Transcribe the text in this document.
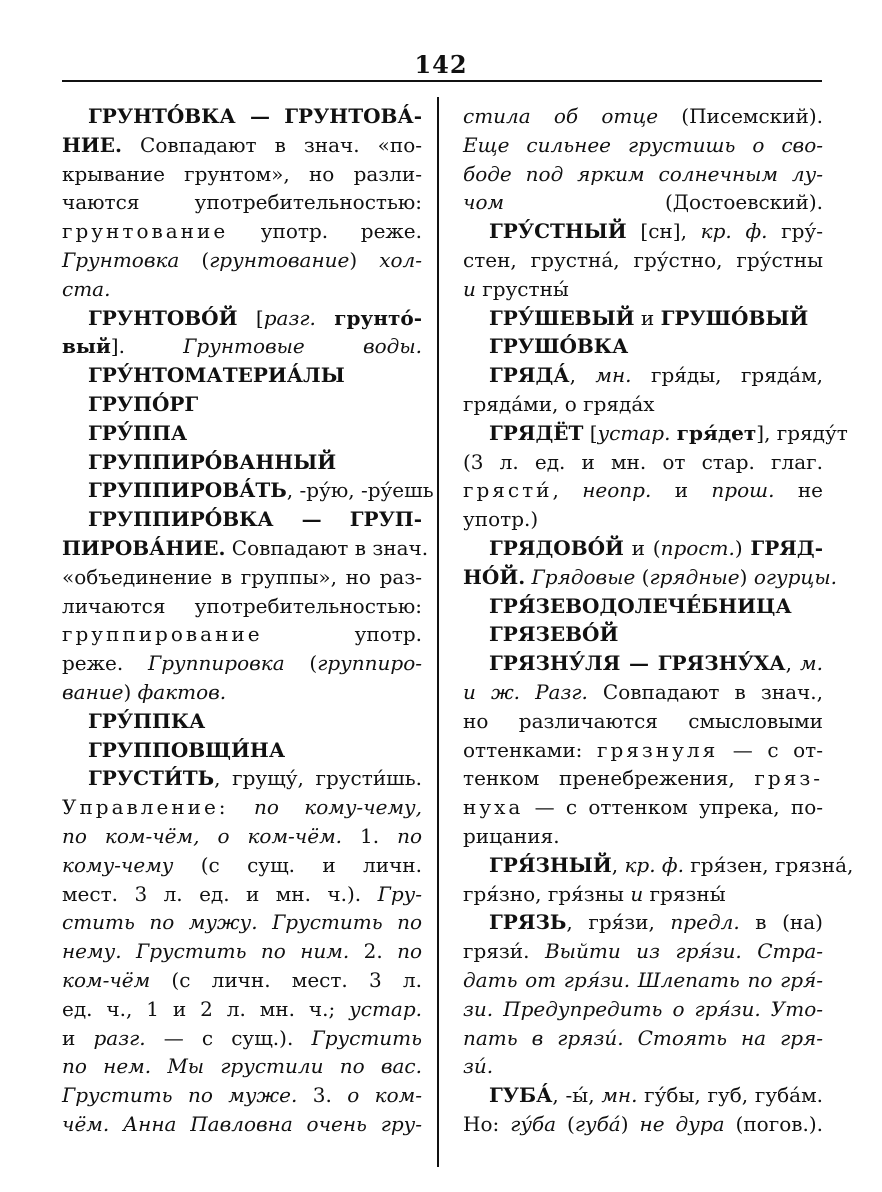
142
ГРУНТО́ВКА — ГРУНТОВА́-
НИЕ. Совпадают в знач. «по-
крывание грунтом», но разли-
чаются употребительностью:
грунтование употр. реже.
Грунтовка (грунтование) хол-
ста.
ГРУНТОВО́Й [разг. грунто́-
вый]. Грунтовые воды.
ГРУ́НТОМАТЕРИА́ЛЫ
ГРУПО́РГ
ГРУ́ППА
ГРУППИРО́ВАННЫЙ
ГРУППИРОВА́ТЬ, -ру́ю, -ру́ешь
ГРУППИРО́ВКА — ГРУП-
ПИРОВА́НИЕ. Совпадают в знач.
«объединение в группы», но раз-
личаются употребительностью:
группирование употр.
реже. Группировка (группиро-
вание) фактов.
ГРУ́ППКА
ГРУППОВЩИ́НА
ГРУСТИ́ТЬ, грущу́, грусти́шь.
Управление: по кому-чему,
по ком-чём, о ком-чём. 1. по
кому-чему (с сущ. и личн.
мест. 3 л. ед. и мн. ч.). Гру-
стить по мужу. Грустить по
нему. Грустить по ним. 2. по
ком-чём (с личн. мест. 3 л.
ед. ч., 1 и 2 л. мн. ч.; устар.
и разг. — с сущ.). Грустить
по нем. Мы грустили по вас.
Грустить по муже. 3. о ком-
чём. Анна Павловна очень гру-
стила об отце (Писемский).
Еще сильнее грустишь о сво-
боде под ярким солнечным лу-
чом (Достоевский).
ГРУ́СТНЫЙ [сн], кр. ф. гру́-
стен, грустна́, гру́стно, гру́стны
и грустны́
ГРУ́ШЕВЫЙ и ГРУШО́ВЫЙ
ГРУШО́ВКА
ГРЯДА́, мн. гря́ды, гряда́м,
гряда́ми, о гряда́х
ГРЯДЁТ [устар. гря́дет], гряду́т
(3 л. ед. и мн. от стар. глаг.
грясти́, неопр. и прош. не
употр.)
ГРЯДОВО́Й и (прост.) ГРЯД-
НО́Й. Грядовые (грядные) огурцы.
ГРЯ́ЗЕВОДОЛЕЧЕ́БНИЦА
ГРЯЗЕВО́Й
ГРЯЗНУ́ЛЯ — ГРЯЗНУ́ХА, м.
и ж. Разг. Совпадают в знач.,
но различаются смысловыми
оттенками: грязнуля — с от-
тенком пренебрежения, гряз-
нуха — с оттенком упрека, по-
рицания.
ГРЯ́ЗНЫЙ, кр. ф. гря́зен, грязна́,
гря́зно, гря́зны и грязны́
ГРЯЗЬ, гря́зи, предл. в (на)
грязи́. Выйти из гря́зи. Стра-
дать от гря́зи. Шлепать по гря́-
зи. Предупредить о гря́зи. Уто-
пать в грязи́. Стоять на гря-
зи́.
ГУБА́, -ы́, мн. гу́бы, губ, губа́м.
Но: гу́ба (губа́) не дура (погов.).
